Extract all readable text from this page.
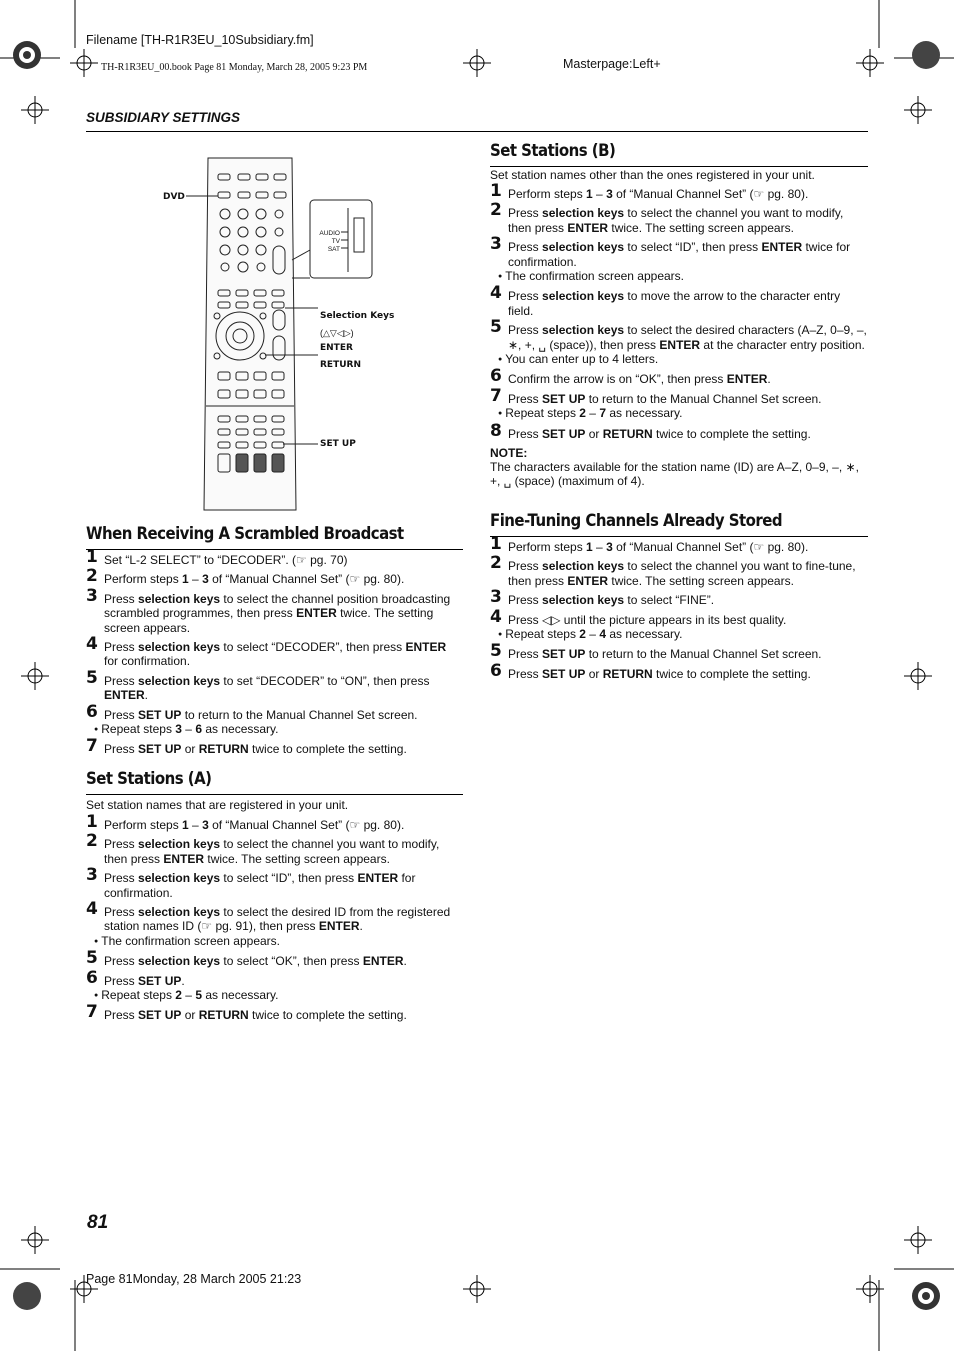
Filename [TH-R1R3EU_10Subsidiary.fm]
TH-R1R3EU_00.book Page 81 Monday, March 28, 2005 9:23 PM	Masterpage:Left+
SUBSIDIARY SETTINGS
DVD
AUDIO
TV
SAT
Selection Keys
(△▽◁▷)
ENTER
RETURN
SET UP
When Receiving A Scrambled Broadcast
1 Set “L-2 SELECT” to “DECODER”. (☞ pg. 70)
2 Perform steps 1 – 3 of “Manual Channel Set” (☞ pg. 80).
3 Press selection keys to select the channel position broadcasting scrambled programmes, then press ENTER twice. The setting screen appears.
4 Press selection keys to select “DECODER”, then press ENTER for confirmation.
5 Press selection keys to set “DECODER” to “ON”, then press ENTER.
6 Press SET UP to return to the Manual Channel Set screen.
● Repeat steps 3 – 6 as necessary.
7 Press SET UP or RETURN twice to complete the setting.
Set Stations (A)
Set station names that are registered in your unit.
1 Perform steps 1 – 3 of “Manual Channel Set” (☞ pg. 80).
2 Press selection keys to select the channel you want to modify, then press ENTER twice. The setting screen appears.
3 Press selection keys to select “ID”, then press ENTER for confirmation.
4 Press selection keys to select the desired ID from the registered station names ID (☞ pg. 91), then press ENTER.
● The confirmation screen appears.
5 Press selection keys to select “OK”, then press ENTER.
6 Press SET UP.
● Repeat steps 2 – 5 as necessary.
7 Press SET UP or RETURN twice to complete the setting.
Set Stations (B)
Set station names other than the ones registered in your unit.
1 Perform steps 1 – 3 of “Manual Channel Set” (☞ pg. 80).
2 Press selection keys to select the channel you want to modify, then press ENTER twice. The setting screen appears.
3 Press selection keys to select “ID”, then press ENTER twice for confirmation.
● The confirmation screen appears.
4 Press selection keys to move the arrow to the character entry field.
5 Press selection keys to select the desired characters (A–Z, 0–9, –, ∗, +, ␣ (space)), then press ENTER at the character entry position.
● You can enter up to 4 letters.
6 Confirm the arrow is on “OK”, then press ENTER.
7 Press SET UP to return to the Manual Channel Set screen.
● Repeat steps 2 – 7 as necessary.
8 Press SET UP or RETURN twice to complete the setting.
NOTE:
The characters available for the station name (ID) are A–Z, 0–9, –, ∗, +, ␣ (space) (maximum of 4).
Fine-Tuning Channels Already Stored
1 Perform steps 1 – 3 of “Manual Channel Set” (☞ pg. 80).
2 Press selection keys to select the channel you want to fine-tune, then press ENTER twice. The setting screen appears.
3 Press selection keys to select “FINE”.
4 Press ◁▷ until the picture appears in its best quality.
● Repeat steps 2 – 4 as necessary.
5 Press SET UP to return to the Manual Channel Set screen.
6 Press SET UP or RETURN twice to complete the setting.
81
Page 81Monday, 28 March 2005 21:23
